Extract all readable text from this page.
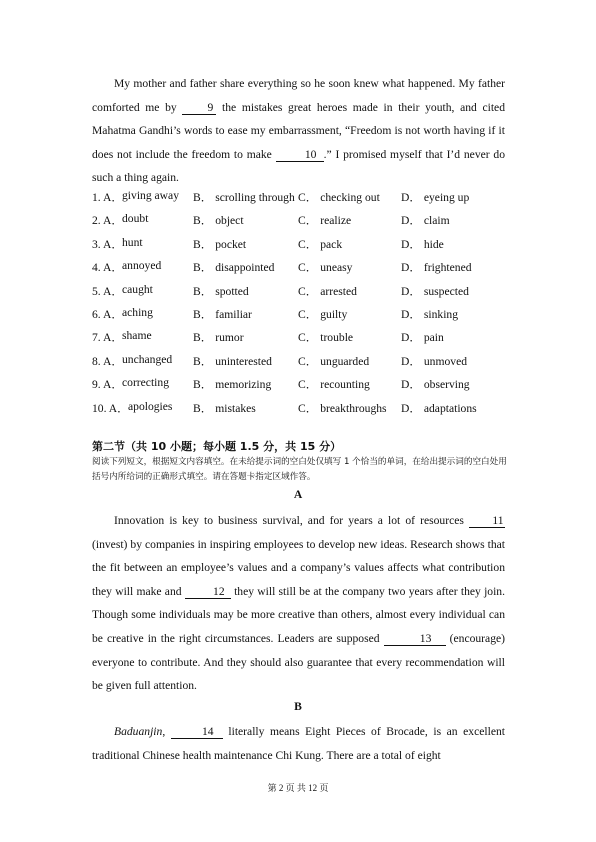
My mother and father share everything so he soon knew what happened. My father comforted me by	9 the mistakes great heroes made in their youth, and cited Mahatma Gandhi’s words to ease my embarrassment, “Freedom is not worth having if it does not include the freedom to make	10 .” I promised myself that I’d never do such a thing again.

1. A． giving away B． scrolling through C． checking out D． eyeing up
2. A． doubt	B． object	C． realize	D． claim
3. A． hunt	B． pocket	C． pack	D． hide
4. A． annoyed	B． disappointed C． uneasy	D． frightened
5. A． caught	B． spotted	C． arrested	D． suspected
6. A． aching	B． familiar	C． guilty	D． sinking
7. A． shame	B． rumor	C． trouble	D． pain
8. A． unchanged B． uninterested C． unguarded	D． unmoved
9. A． correcting B． memorizing C． recounting	D． observing
10. A． apologies B． mistakes	C． breakthroughs D． adaptations
第二节（共 10 小题；每小题 1.5 分，共 15 分）
阅读下列短文，根据短文内容填空。在未给提示词的空白处仅填写 1 个恰当的单词，在给出提示词的空白处用括号内所给词的正确形式填空。请在答题卡指定区域作答。
A

Innovation is key to business survival, and for years a lot of resources 11 (invest) by companies in inspiring employees to develop new ideas. Research shows that the fit between an employee’s values and a company’s values affects what contribution they will make and	12 they will still be at the company two years after they join. Though some individuals may be more creative than others, almost every individual can be creative in the right circumstances. Leaders are supposed	13 (encourage) everyone to contribute. And they should also guarantee that every recommendation will be given full attention.

B

Baduanjin,	14 literally means Eight Pieces of Brocade, is an excellent traditional Chinese health maintenance Chi Kung. There are a total of eight

第 2 页 共 12 页
